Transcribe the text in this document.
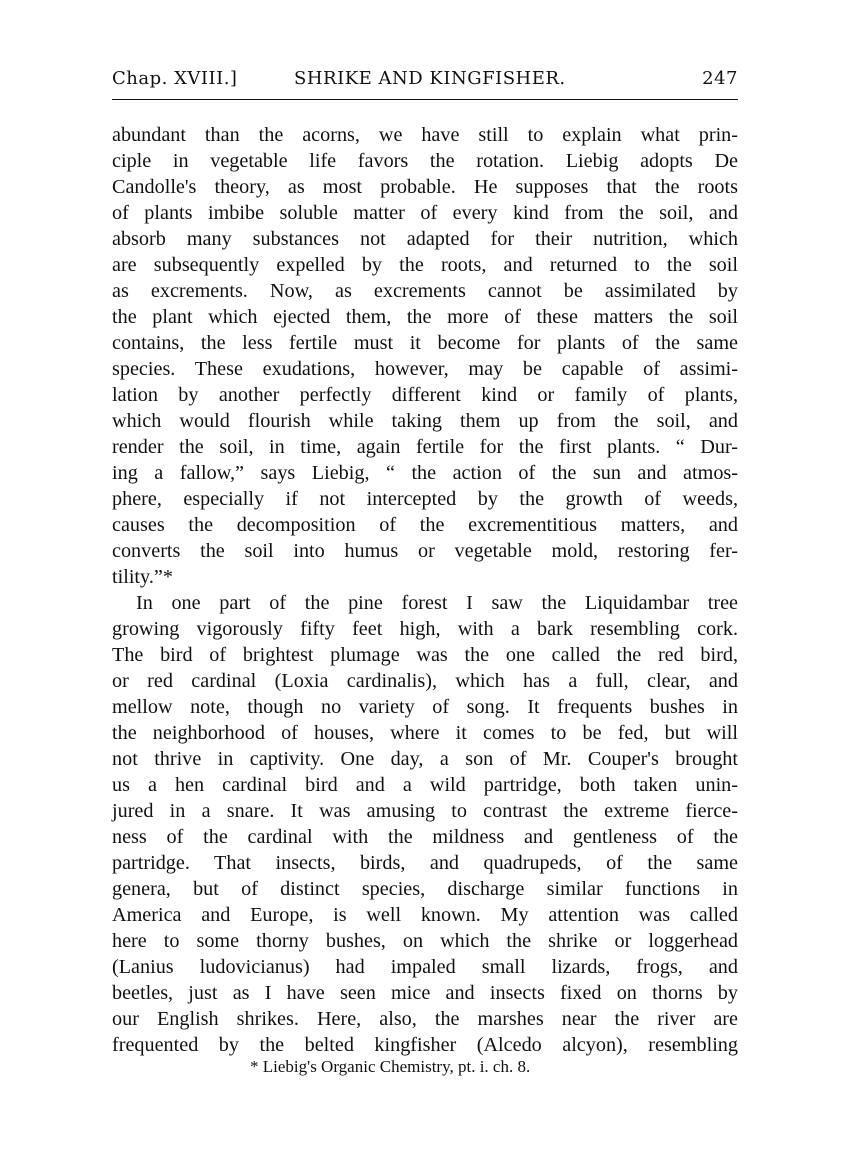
Chap. XVIII.]	SHRIKE AND KINGFISHER.	247
abundant than the acorns, we have still to explain what prin-
ciple in vegetable life favors the rotation. Liebig adopts De
Candolle's theory, as most probable. He supposes that the roots
of plants imbibe soluble matter of every kind from the soil, and
absorb many substances not adapted for their nutrition, which
are subsequently expelled by the roots, and returned to the soil
as excrements. Now, as excrements cannot be assimilated by
the plant which ejected them, the more of these matters the soil
contains, the less fertile must it become for plants of the same
species. These exudations, however, may be capable of assimi-
lation by another perfectly different kind or family of plants,
which would flourish while taking them up from the soil, and
render the soil, in time, again fertile for the first plants. “ Dur-
ing a fallow,” says Liebig, “ the action of the sun and atmos-
phere, especially if not intercepted by the growth of weeds,
causes the decomposition of the excrementitious matters, and
converts the soil into humus or vegetable mold, restoring fer-
tility.”*
In one part of the pine forest I saw the Liquidambar tree
growing vigorously fifty feet high, with a bark resembling cork.
The bird of brightest plumage was the one called the red bird,
or red cardinal (Loxia cardinalis), which has a full, clear, and
mellow note, though no variety of song. It frequents bushes in
the neighborhood of houses, where it comes to be fed, but will
not thrive in captivity. One day, a son of Mr. Couper's brought
us a hen cardinal bird and a wild partridge, both taken unin-
jured in a snare. It was amusing to contrast the extreme fierce-
ness of the cardinal with the mildness and gentleness of the
partridge. That insects, birds, and quadrupeds, of the same
genera, but of distinct species, discharge similar functions in
America and Europe, is well known. My attention was called
here to some thorny bushes, on which the shrike or loggerhead
(Lanius ludovicianus) had impaled small lizards, frogs, and
beetles, just as I have seen mice and insects fixed on thorns by
our English shrikes. Here, also, the marshes near the river are
frequented by the belted kingfisher (Alcedo alcyon), resembling
* Liebig's Organic Chemistry, pt. i. ch. 8.
